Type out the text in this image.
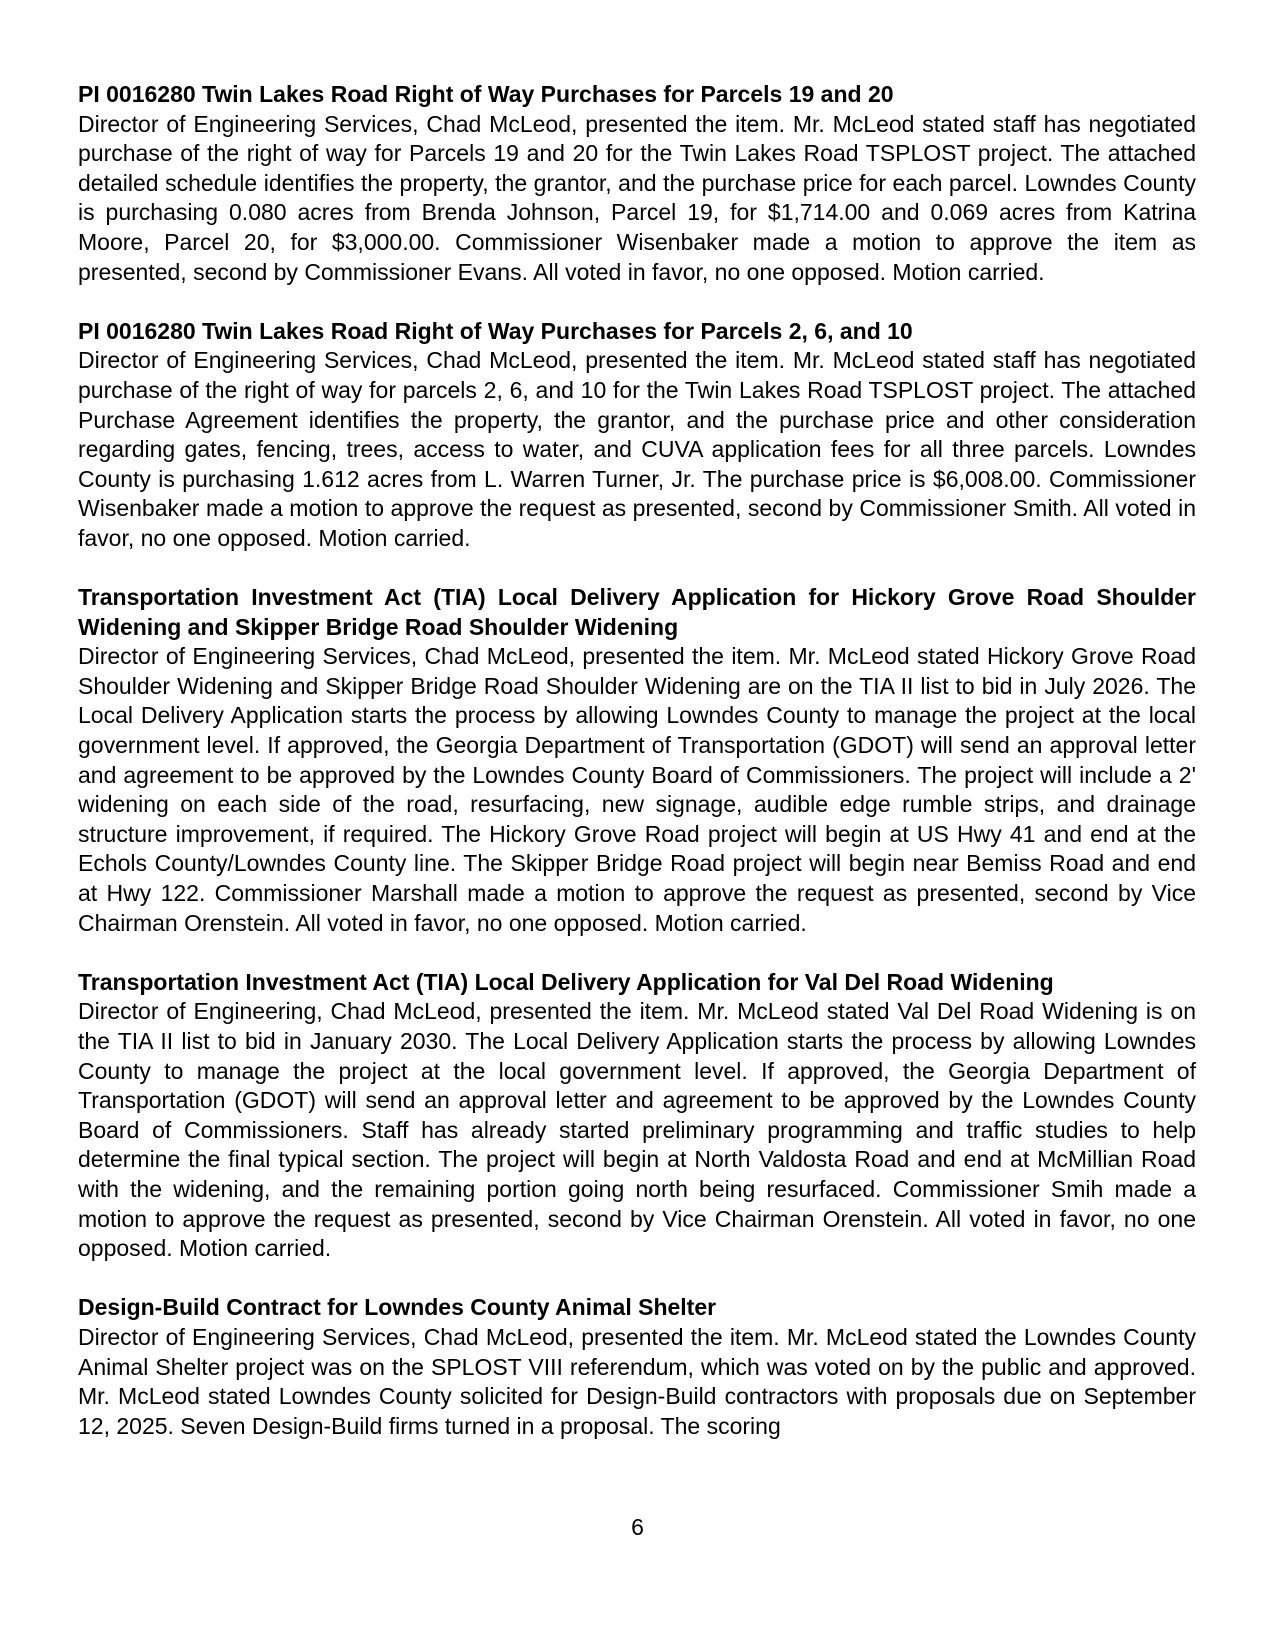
PI 0016280 Twin Lakes Road Right of Way Purchases for Parcels 19 and 20

Director of Engineering Services, Chad McLeod, presented the item. Mr. McLeod stated staff has negotiated purchase of the right of way for Parcels 19 and 20 for the Twin Lakes Road TSPLOST project. The attached detailed schedule identifies the property, the grantor, and the purchase price for each parcel. Lowndes County is purchasing 0.080 acres from Brenda Johnson, Parcel 19, for $1,714.00 and 0.069 acres from Katrina Moore, Parcel 20, for $3,000.00. Commissioner Wisenbaker made a motion to approve the item as presented, second by Commissioner Evans. All voted in favor, no one opposed. Motion carried.

PI 0016280 Twin Lakes Road Right of Way Purchases for Parcels 2, 6, and 10

Director of Engineering Services, Chad McLeod, presented the item. Mr. McLeod stated staff has negotiated purchase of the right of way for parcels 2, 6, and 10 for the Twin Lakes Road TSPLOST project. The attached Purchase Agreement identifies the property, the grantor, and the purchase price and other consideration regarding gates, fencing, trees, access to water, and CUVA application fees for all three parcels. Lowndes County is purchasing 1.612 acres from L. Warren Turner, Jr. The purchase price is $6,008.00. Commissioner Wisenbaker made a motion to approve the request as presented, second by Commissioner Smith. All voted in favor, no one opposed. Motion carried.

Transportation Investment Act (TIA) Local Delivery Application for Hickory Grove Road Shoulder Widening and Skipper Bridge Road Shoulder Widening

Director of Engineering Services, Chad McLeod, presented the item. Mr. McLeod stated Hickory Grove Road Shoulder Widening and Skipper Bridge Road Shoulder Widening are on the TIA II list to bid in July 2026. The Local Delivery Application starts the process by allowing Lowndes County to manage the project at the local government level. If approved, the Georgia Department of Transportation (GDOT) will send an approval letter and agreement to be approved by the Lowndes County Board of Commissioners. The project will include a 2' widening on each side of the road, resurfacing, new signage, audible edge rumble strips, and drainage structure improvement, if required. The Hickory Grove Road project will begin at US Hwy 41 and end at the Echols County/Lowndes County line. The Skipper Bridge Road project will begin near Bemiss Road and end at Hwy 122. Commissioner Marshall made a motion to approve the request as presented, second by Vice Chairman Orenstein. All voted in favor, no one opposed. Motion carried.

Transportation Investment Act (TIA) Local Delivery Application for Val Del Road Widening

Director of Engineering, Chad McLeod, presented the item. Mr. McLeod stated Val Del Road Widening is on the TIA II list to bid in January 2030. The Local Delivery Application starts the process by allowing Lowndes County to manage the project at the local government level. If approved, the Georgia Department of Transportation (GDOT) will send an approval letter and agreement to be approved by the Lowndes County Board of Commissioners. Staff has already started preliminary programming and traffic studies to help determine the final typical section. The project will begin at North Valdosta Road and end at McMillian Road with the widening, and the remaining portion going north being resurfaced. Commissioner Smih made a motion to approve the request as presented, second by Vice Chairman Orenstein. All voted in favor, no one opposed. Motion carried.

Design-Build Contract for Lowndes County Animal Shelter

Director of Engineering Services, Chad McLeod, presented the item. Mr. McLeod stated the Lowndes County Animal Shelter project was on the SPLOST VIII referendum, which was voted on by the public and approved. Mr. McLeod stated Lowndes County solicited for Design-Build contractors with proposals due on September 12, 2025. Seven Design-Build firms turned in a proposal. The scoring

6
